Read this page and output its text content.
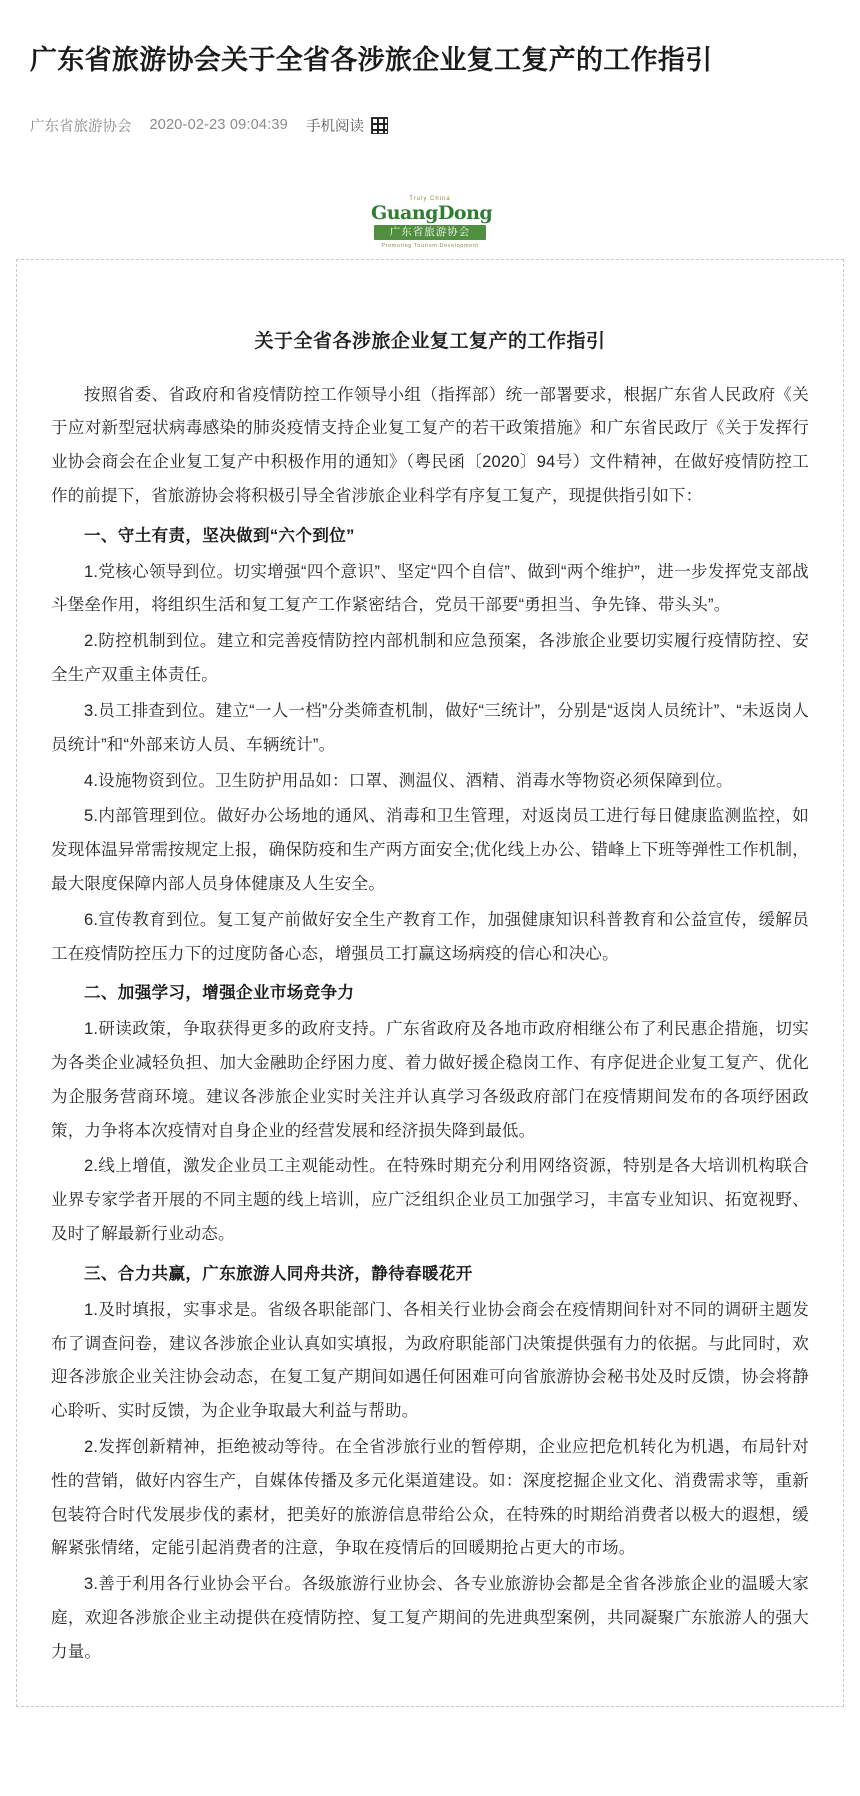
广东省旅游协会关于全省各涉旅企业复工复产的工作指引
广东省旅游协会 2020-02-23 09:04:39 手机阅读
Truly China
GuangDong
广东省旅游协会
Promoting Tourism Development
关于全省各涉旅企业复工复产的工作指引

按照省委、省政府和省疫情防控工作领导小组（指挥部）统一部署要求，根据广东省人民政府《关于应对新型冠状病毒感染的肺炎疫情支持企业复工复产的若干政策措施》和广东省民政厅《关于发挥行业协会商会在企业复工复产中积极作用的通知》（粤民函〔2020〕94号）文件精神，在做好疫情防控工作的前提下，省旅游协会将积极引导全省涉旅企业科学有序复工复产，现提供指引如下：

一、守土有责，坚决做到“六个到位”

1.党核心领导到位。切实增强“四个意识”、坚定“四个自信”、做到“两个维护”，进一步发挥党支部战斗堡垒作用，将组织生活和复工复产工作紧密结合，党员干部要“勇担当、争先锋、带头头”。

2.防控机制到位。建立和完善疫情防控内部机制和应急预案，各涉旅企业要切实履行疫情防控、安全生产双重主体责任。

3.员工排查到位。建立“一人一档”分类筛查机制，做好“三统计”，分别是“返岗人员统计”、“未返岗人员统计”和“外部来访人员、车辆统计”。

4.设施物资到位。卫生防护用品如：口罩、测温仪、酒精、消毒水等物资必须保障到位。

5.内部管理到位。做好办公场地的通风、消毒和卫生管理，对返岗员工进行每日健康监测监控，如发现体温异常需按规定上报，确保防疫和生产两方面安全;优化线上办公、错峰上下班等弹性工作机制，最大限度保障内部人员身体健康及人生安全。

6.宣传教育到位。复工复产前做好安全生产教育工作，加强健康知识科普教育和公益宣传，缓解员工在疫情防控压力下的过度防备心态，增强员工打赢这场病疫的信心和决心。

二、加强学习，增强企业市场竞争力

1.研读政策，争取获得更多的政府支持。广东省政府及各地市政府相继公布了利民惠企措施，切实为各类企业减轻负担、加大金融助企纾困力度、着力做好援企稳岗工作、有序促进企业复工复产、优化为企服务营商环境。建议各涉旅企业实时关注并认真学习各级政府部门在疫情期间发布的各项纾困政策，力争将本次疫情对自身企业的经营发展和经济损失降到最低。

2.线上增值，激发企业员工主观能动性。在特殊时期充分利用网络资源，特别是各大培训机构联合业界专家学者开展的不同主题的线上培训，应广泛组织企业员工加强学习，丰富专业知识、拓宽视野、及时了解最新行业动态。

三、合力共赢，广东旅游人同舟共济，静待春暖花开

1.及时填报，实事求是。省级各职能部门、各相关行业协会商会在疫情期间针对不同的调研主题发布了调查问卷，建议各涉旅企业认真如实填报，为政府职能部门决策提供强有力的依据。与此同时，欢迎各涉旅企业关注协会动态，在复工复产期间如遇任何困难可向省旅游协会秘书处及时反馈，协会将静心聆听、实时反馈，为企业争取最大利益与帮助。

2.发挥创新精神，拒绝被动等待。在全省涉旅行业的暂停期，企业应把危机转化为机遇，布局针对性的营销，做好内容生产，自媒体传播及多元化渠道建设。如：深度挖掘企业文化、消费需求等，重新包装符合时代发展步伐的素材，把美好的旅游信息带给公众，在特殊的时期给消费者以极大的遐想，缓解紧张情绪，定能引起消费者的注意，争取在疫情后的回暖期抢占更大的市场。

3.善于利用各行业协会平台。各级旅游行业协会、各专业旅游协会都是全省各涉旅企业的温暖大家庭，欢迎各涉旅企业主动提供在疫情防控、复工复产期间的先进典型案例，共同凝聚广东旅游人的强大力量。
